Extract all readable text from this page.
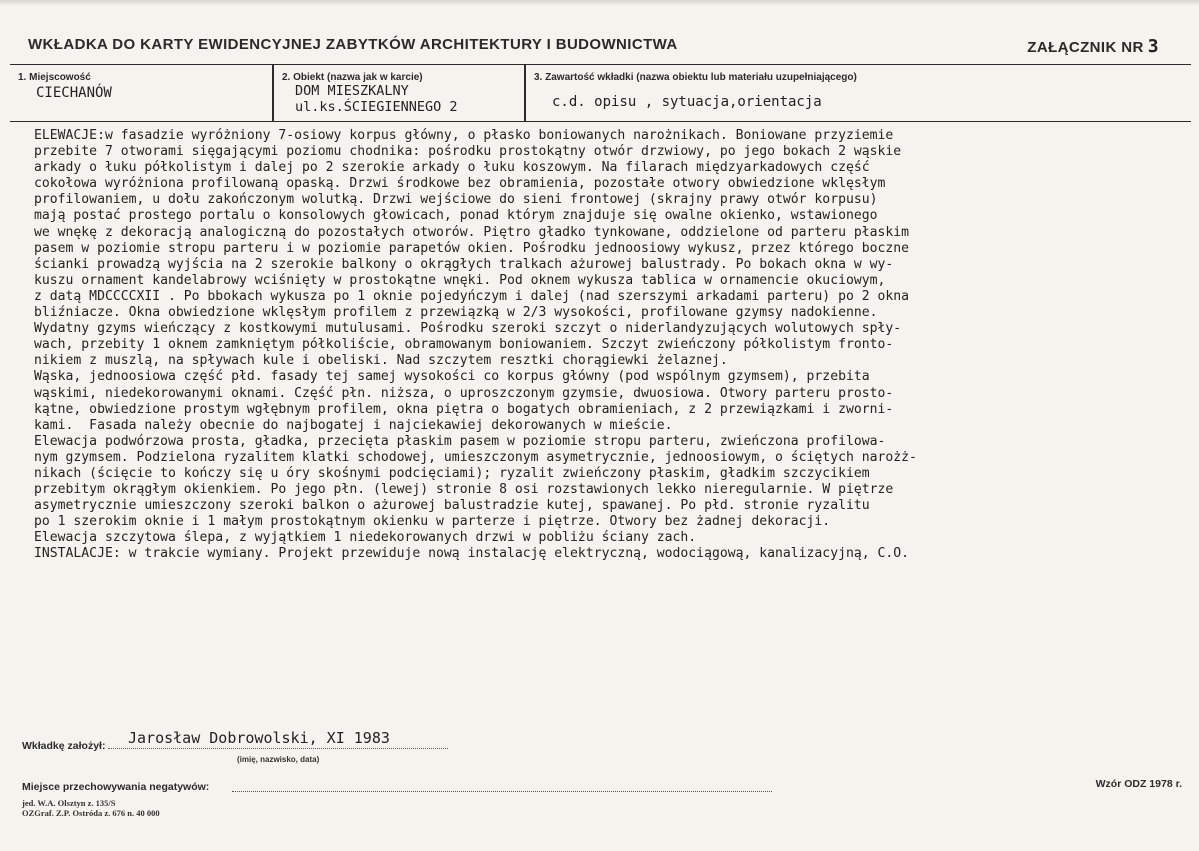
WKŁADKA DO KARTY EWIDENCYJNEJ ZABYTKÓW ARCHITEKTURY I BUDOWNICTWA	ZAŁĄCZNIK NR 3
1. Miejscowość
CIECHANÓW
2. Obiekt (nazwa jak w karcie)
DOM MIESZKALNY
ul.ks.ŚCIEGIENNEGO 2
3. Zawartość wkładki (nazwa obiektu lub materiału uzupełniającego)
c.d. opisu , sytuacja,orientacja
ELEWACJE:w fasadzie wyróżniony 7-osiowy korpus główny, o płasko boniowanych narożnikach. Boniowane przyziemie
przebite 7 otworami sięgającymi poziomu chodnika: pośrodku prostokątny otwór drzwiowy, po jego bokach 2 wąskie
arkady o łuku półkolistym i dalej po 2 szerokie arkady o łuku koszowym. Na filarach międzyarkadowych część
cokołowa wyróżniona profilowaną opaską. Drzwi środkowe bez obramienia, pozostałe otwory obwiedzione wklęsłym
profilowaniem, u dołu zakończonym wolutką. Drzwi wejściowe do sieni frontowej (skrajny prawy otwór korpusu)
mają postać prostego portalu o konsolowych głowicach, ponad którym znajduje się owalne okienko, wstawionego
we wnękę z dekoracją analogiczną do pozostałych otworów. Piętro gładko tynkowane, oddzielone od parteru płaskim
pasem w poziomie stropu parteru i w poziomie parapetów okien. Pośrodku jednoosiowy wykusz, przez którego boczne
ścianki prowadzą wyjścia na 2 szerokie balkony o okrągłych tralkach ażurowej balustrady. Po bokach okna w wy-
kuszu ornament kandelabrowy wciśnięty w prostokątne wnęki. Pod oknem wykusza tablica w ornamencie okuciowym,
z datą MDCCCCXII . Po bbokach wykusza po 1 oknie pojedyńczym i dalej (nad szerszymi arkadami parteru) po 2 okna
bliźniacze. Okna obwiedzione wklęsłym profilem z przewiązką w 2/3 wysokości, profilowane gzymsy nadokienne.
Wydatny gzyms wieńczący z kostkowymi mutulusami. Pośrodku szeroki szczyt o niderlandyzujących wolutowych spły-
wach, przebity 1 oknem zamkniętym półkoliście, obramowanym boniowaniem. Szczyt zwieńczony półkolistym fronto-
nikiem z muszlą, na spływach kule i obeliski. Nad szczytem resztki chorągiewki żelaznej.
Wąska, jednoosiowa część płd. fasady tej samej wysokości co korpus główny (pod wspólnym gzymsem), przebita
wąskimi, niedekorowanymi oknami. Część płn. niższa, o uproszczonym gzymsie, dwuosiowa. Otwory parteru prosto-
kątne, obwiedzione prostym wgłębnym profilem, okna piętra o bogatych obramieniach, z 2 przewiązkami i zworni-
kami.  Fasada należy obecnie do najbogatej i najciekawiej dekorowanych w mieście.
Elewacja podwórzowa prosta, gładka, przecięta płaskim pasem w poziomie stropu parteru, zwieńczona profilowa-
nym gzymsem. Podzielona ryzalitem klatki schodowej, umieszczonym asymetrycznie, jednoosiowym, o ściętych narożż-
nikach (ścięcie to kończy się u óry skośnymi podcięciami); ryzalit zwieńczony płaskim, gładkim szczycikiem
przebitym okrągłym okienkiem. Po jego płn. (lewej) stronie 8 osi rozstawionych lekko nieregularnie. W piętrze
asymetrycznie umieszczony szeroki balkon o ażurowej balustradzie kutej, spawanej. Po płd. stronie ryzalitu
po 1 szerokim oknie i 1 małym prostokątnym okienku w parterze i piętrze. Otwory bez żadnej dekoracji.
Elewacja szczytowa ślepa, z wyjątkiem 1 niedekorowanych drzwi w pobliżu ściany zach.
INSTALACJE: w trakcie wymiany. Projekt przewiduje nową instalację elektryczną, wodociągową, kanalizacyjną, C.O.
Wkładkę założył: Jarosław Dobrowolski, XI 1983
(imię, nazwisko, data)
Miejsce przechowywania negatywów:	Wzór ODZ 1978 r.
jed. W.A. Olsztyn z. 135/S
OZGraf. Z.P. Ostróda z. 676 n. 40 000
